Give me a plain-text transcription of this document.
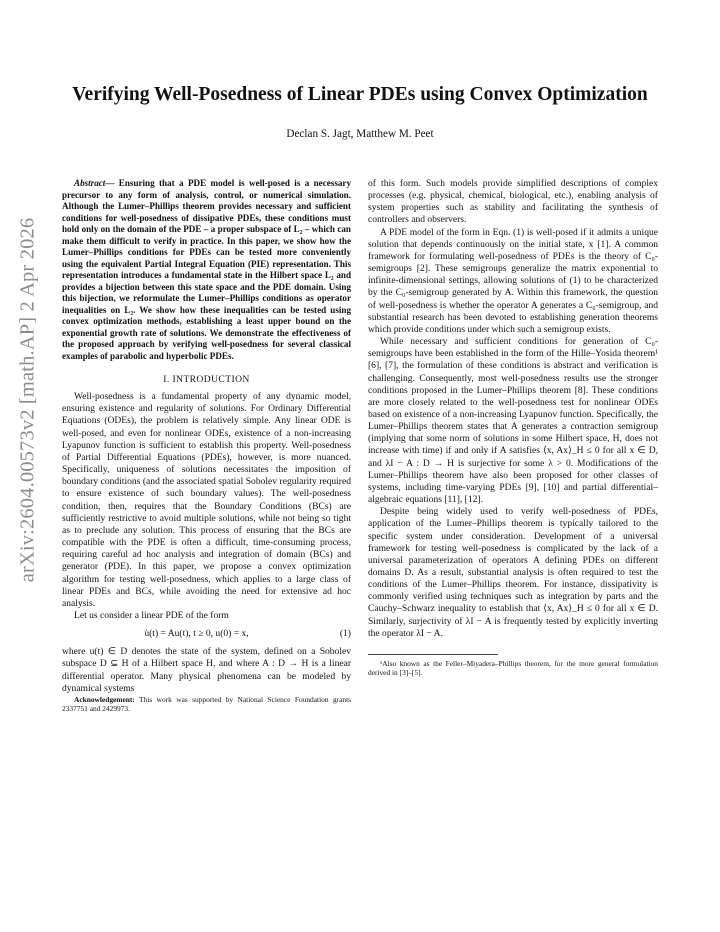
arXiv:2604.00573v2 [math.AP] 2 Apr 2026
Verifying Well-Posedness of Linear PDEs using Convex Optimization
Declan S. Jagt, Matthew M. Peet

Abstract— Ensuring that a PDE model is well-posed is a necessary precursor to any form of analysis, control, or numerical simulation. Although the Lumer–Phillips theorem provides necessary and sufficient conditions for well-posedness of dissipative PDEs, these conditions must hold only on the domain of the PDE – a proper subspace of L₂ – which can make them difficult to verify in practice. In this paper, we show how the Lumer–Phillips conditions for PDEs can be tested more conveniently using the equivalent Partial Integral Equation (PIE) representation. This representation introduces a fundamental state in the Hilbert space L₂ and provides a bijection between this state space and the PDE domain. Using this bijection, we reformulate the Lumer–Phillips conditions as operator inequalities on L₂. We show how these inequalities can be tested using convex optimization methods, establishing a least upper bound on the exponential growth rate of solutions. We demonstrate the effectiveness of the proposed approach by verifying well-posedness for several classical examples of parabolic and hyperbolic PDEs.

I. INTRODUCTION

Well-posedness is a fundamental property of any dynamic model, ensuring existence and regularity of solutions. For Ordinary Differential Equations (ODEs), the problem is relatively simple. Any linear ODE is well-posed, and even for nonlinear ODEs, existence of a non-increasing Lyapunov function is sufficient to establish this property. Well-posedness of Partial Differential Equations (PDEs), however, is more nuanced. Specifically, uniqueness of solutions necessitates the imposition of boundary conditions (and the associated spatial Sobolev regularity required to ensure existence of such boundary values). The well-posedness condition, then, requires that the Boundary Conditions (BCs) are sufficiently restrictive to avoid multiple solutions, while not being so tight as to preclude any solution. This process of ensuring that the BCs are compatible with the PDE is often a difficult, time-consuming process, requiring careful ad hoc analysis and integration of domain (BCs) and generator (PDE). In this paper, we propose a convex optimization algorithm for testing well-posedness, which applies to a large class of linear PDEs and BCs, while avoiding the need for extensive ad hoc analysis.

Let us consider a linear PDE of the form

u̇(t) = Au(t), t ≥ 0, u(0) = x,	(1)

where u(t) ∈ D denotes the state of the system, defined on a Sobolev subspace D ⊆ H of a Hilbert space H, and where A : D → H is a linear differential operator. Many physical phenomena can be modeled by dynamical systems

Acknowledgement: This work was supported by National Science Foundation grants 2337751 and 2429973.

of this form. Such models provide simplified descriptions of complex processes (e.g. physical, chemical, biological, etc.), enabling analysis of system properties such as stability and facilitating the synthesis of controllers and observers.

A PDE model of the form in Eqn. (1) is well-posed if it admits a unique solution that depends continuously on the initial state, x [1]. A common framework for formulating well-posedness of PDEs is the theory of C₀-semigroups [2]. These semigroups generalize the matrix exponential to infinite-dimensional settings, allowing solutions of (1) to be characterized by the C₀-semigroup generated by A. Within this framework, the question of well-posedness is whether the operator A generates a C₀-semigroup, and substantial research has been devoted to establishing generation theorems which provide conditions under which such a semigroup exists.

While necessary and sufficient conditions for generation of C₀-semigroups have been established in the form of the Hille–Yosida theorem¹ [6], [7], the formulation of these conditions is abstract and verification is challenging. Consequently, most well-posedness results use the stronger conditions proposed in the Lumer–Phillips theorem [8]. These conditions are more closely related to the well-posedness test for nonlinear ODEs based on existence of a non-increasing Lyapunov function. Specifically, the Lumer–Phillips theorem states that A generates a contraction semigroup (implying that some norm of solutions in some Hilbert space, H, does not increase with time) if and only if A satisfies ⟨x, Ax⟩_H ≤ 0 for all x ∈ D, and λI − A : D → H is surjective for some λ > 0. Modifications of the Lumer–Phillips theorem have also been proposed for other classes of systems, including time-varying PDEs [9], [10] and partial differential–algebraic equations [11], [12].

Despite being widely used to verify well-posedness of PDEs, application of the Lumer–Phillips theorem is typically tailored to the specific system under consideration. Development of a universal framework for testing well-posedness is complicated by the lack of a universal parameterization of operators A defining PDEs on different domains D. As a result, substantial analysis is often required to test the conditions of the Lumer–Phillips theorem. For instance, dissipativity is commonly verified using techniques such as integration by parts and the Cauchy–Schwarz inequality to establish that ⟨x, Ax⟩_H ≤ 0 for all x ∈ D. Similarly, surjectivity of λI − A is frequently tested by explicitly inverting the operator λI − A.

¹Also known as the Feller–Miyadera–Phillips theorem, for the more general formulation derived in [3]–[5].
